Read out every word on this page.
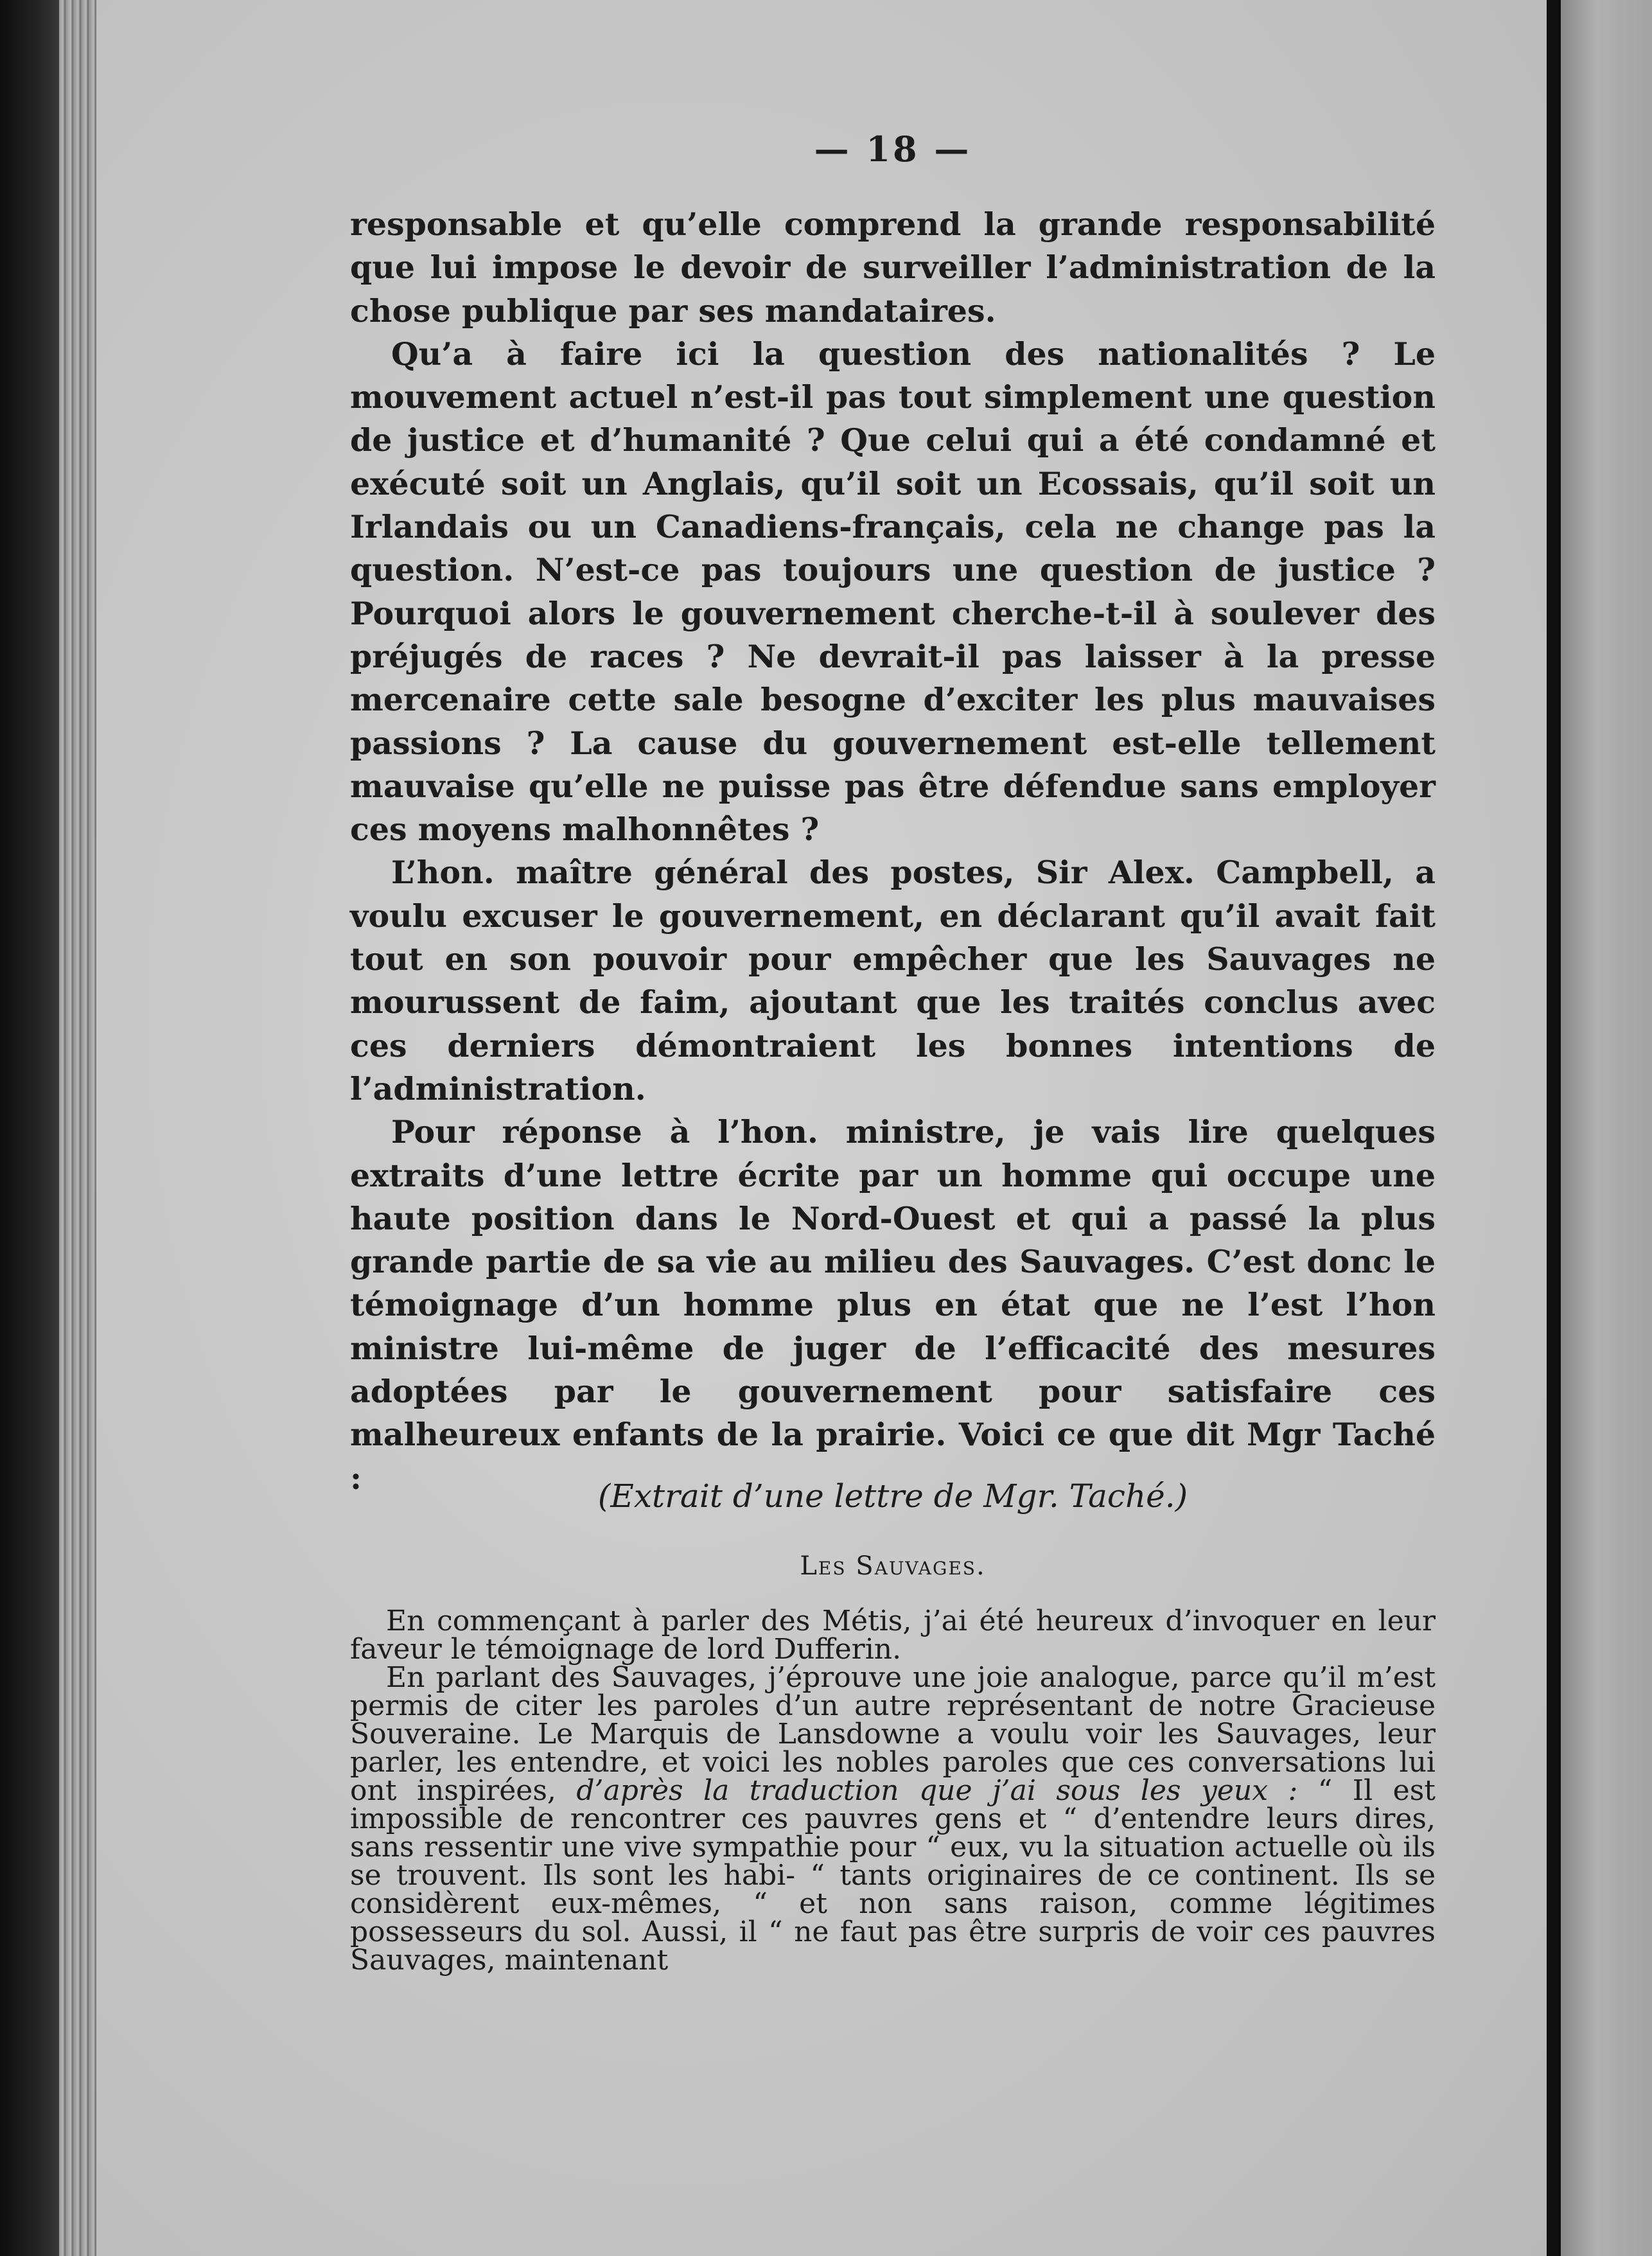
— 18 —

responsable et qu’elle comprend la grande responsabilité que lui impose le devoir de surveiller l’administration de la chose publique par ses mandataires.

Qu’a à faire ici la question des nationalités ? Le mouvement actuel n’est-il pas tout simplement une question de justice et d’humanité ? Que celui qui a été condamné et exécuté soit un Anglais, qu’il soit un Ecossais, qu’il soit un Irlandais ou un Canadiens-français, cela ne change pas la question. N’est-ce pas toujours une question de justice ? Pourquoi alors le gouvernement cherche-t-il à soulever des préjugés de races ? Ne devrait-il pas laisser à la presse mercenaire cette sale besogne d’exciter les plus mauvaises passions ? La cause du gouvernement est-elle tellement mauvaise qu’elle ne puisse pas être défendue sans employer ces moyens malhonnêtes ?

L’hon. maître général des postes, Sir Alex. Campbell, a voulu excuser le gouvernement, en déclarant qu’il avait fait tout en son pouvoir pour empêcher que les Sauvages ne mourussent de faim, ajoutant que les traités conclus avec ces derniers démontraient les bonnes intentions de l’administration.

Pour réponse à l’hon. ministre, je vais lire quelques extraits d’une lettre écrite par un homme qui occupe une haute position dans le Nord-Ouest et qui a passé la plus grande partie de sa vie au milieu des Sauvages. C’est donc le témoignage d’un homme plus en état que ne l’est l’hon ministre lui-même de juger de l’efficacité des mesures adoptées par le gouvernement pour satisfaire ces malheureux enfants de la prairie. Voici ce que dit Mgr Taché :	(Extrait d’une lettre de Mgr. Taché.)
Les Sauvages.

En commençant à parler des Métis, j’ai été heureux d’invoquer en leur faveur le témoignage de lord Dufferin.

En parlant des Sauvages, j’éprouve une joie analogue, parce qu’il m’est permis de citer les paroles d’un autre représentant de notre Gracieuse Souveraine. Le Marquis de Lansdowne a voulu voir les Sauvages, leur parler, les entendre, et voici les nobles paroles que ces conversations lui ont inspirées, d’après la traduction que j’ai sous les yeux : “ Il est impossible de rencontrer ces pauvres gens et “ d’entendre leurs dires, sans ressentir une vive sympathie pour “ eux, vu la situation actuelle où ils se trouvent. Ils sont les habi- “ tants originaires de ce continent. Ils se considèrent eux-mêmes, “ et non sans raison, comme légitimes possesseurs du sol. Aussi, il “ ne faut pas être surpris de voir ces pauvres Sauvages, maintenant
